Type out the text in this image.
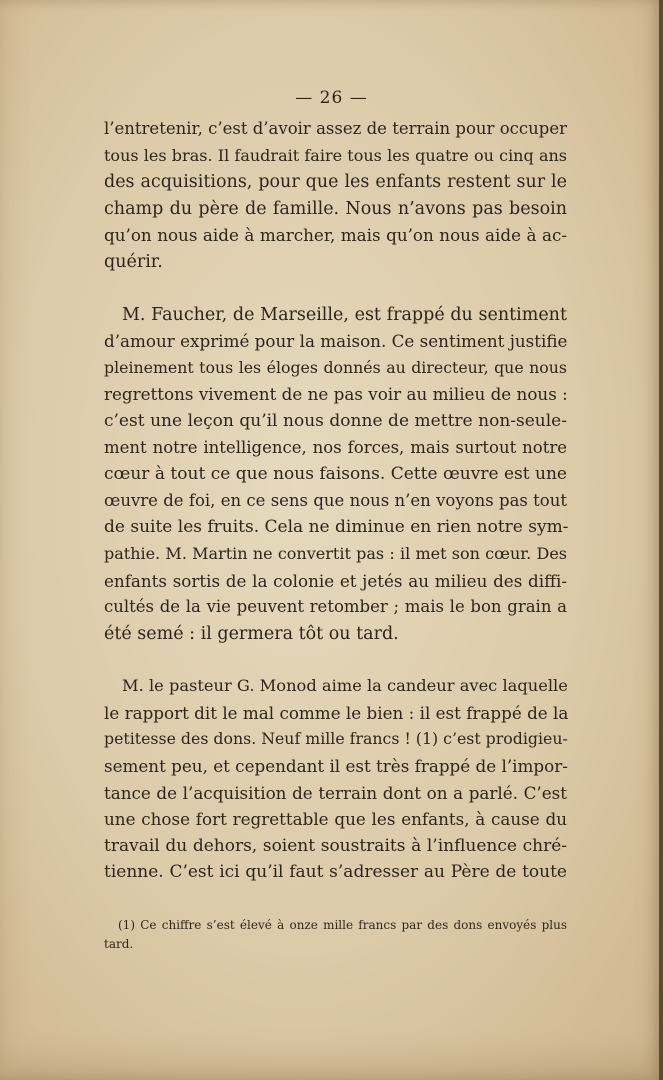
— 26 —
l’entretenir, c’est d’avoir assez de terrain pour occuper
tous les bras. Il faudrait faire tous les quatre ou cinq ans
des acquisitions, pour que les enfants restent sur le
champ du père de famille. Nous n’avons pas besoin
qu’on nous aide à marcher, mais qu’on nous aide à ac-
quérir.
M. Faucher, de Marseille, est frappé du sentiment
d’amour exprimé pour la maison. Ce sentiment justifie
pleinement tous les éloges donnés au directeur, que nous
regrettons vivement de ne pas voir au milieu de nous :
c’est une leçon qu’il nous donne de mettre non-seule-
ment notre intelligence, nos forces, mais surtout notre
cœur à tout ce que nous faisons. Cette œuvre est une
œuvre de foi, en ce sens que nous n’en voyons pas tout
de suite les fruits. Cela ne diminue en rien notre sym-
pathie. M. Martin ne convertit pas : il met son cœur. Des
enfants sortis de la colonie et jetés au milieu des diffi-
cultés de la vie peuvent retomber ; mais le bon grain a
été semé : il germera tôt ou tard.
M. le pasteur G. Monod aime la candeur avec laquelle
le rapport dit le mal comme le bien : il est frappé de la
petitesse des dons. Neuf mille francs ! (1) c’est prodigieu-
sement peu, et cependant il est très frappé de l’impor-
tance de l’acquisition de terrain dont on a parlé. C’est
une chose fort regrettable que les enfants, à cause du
travail du dehors, soient soustraits à l’influence chré-
tienne. C’est ici qu’il faut s’adresser au Père de toute
(1) Ce chiffre s’est élevé à onze mille francs par des dons envoyés plus
tard.
